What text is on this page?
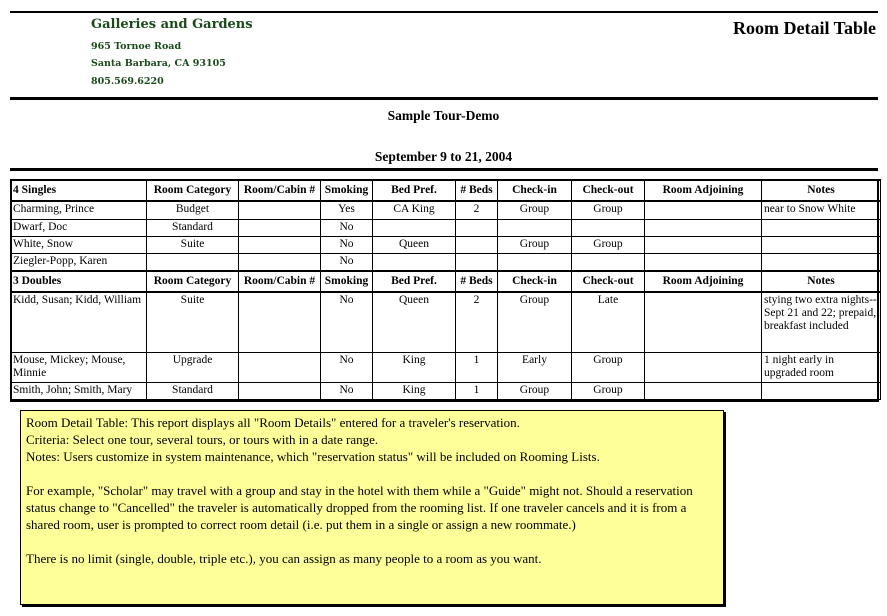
Galleries and Gardens
965 Tornoe Road
Santa Barbara, CA 93105
805.569.6220
Room Detail Table
Sample Tour-Demo
September 9 to 21, 2004
4 Singles	Room Category	Room/Cabin #	Smoking	Bed Pref.	# Beds	Check-in	Check-out	Room Adjoining	Notes
Charming, Prince	Budget		Yes	CA King	2	Group	Group		near to Snow White
Dwarf, Doc	Standard		No						
White, Snow	Suite		No	Queen		Group	Group		
Ziegler-Popp, Karen			No						
3 Doubles	Room Category	Room/Cabin #	Smoking	Bed Pref.	# Beds	Check-in	Check-out	Room Adjoining	Notes
Kidd, Susan; Kidd, William	Suite		No	Queen	2	Group	Late		stying two extra nights--Sept 21 and 22; prepaid, breakfast included
Mouse, Mickey; Mouse, Minnie	Upgrade		No	King	1	Early	Group		1 night early in upgraded room
Smith, John; Smith, Mary	Standard		No	King	1	Group	Group		

Room Detail Table: This report displays all "Room Details" entered for a traveler's reservation.

Criteria: Select one tour, several tours, or tours with in a date range.

Notes: Users customize in system maintenance, which "reservation status" will be included on Rooming Lists.

For example, "Scholar" may travel with a group and stay in the hotel with them while a "Guide" might not. Should a reservation status change to "Cancelled" the traveler is automatically dropped from the rooming list. If one traveler cancels and it is from a shared room, user is prompted to correct room detail (i.e. put them in a single or assign a new roommate.)

There is no limit (single, double, triple etc.), you can assign as many people to a room as you want.
